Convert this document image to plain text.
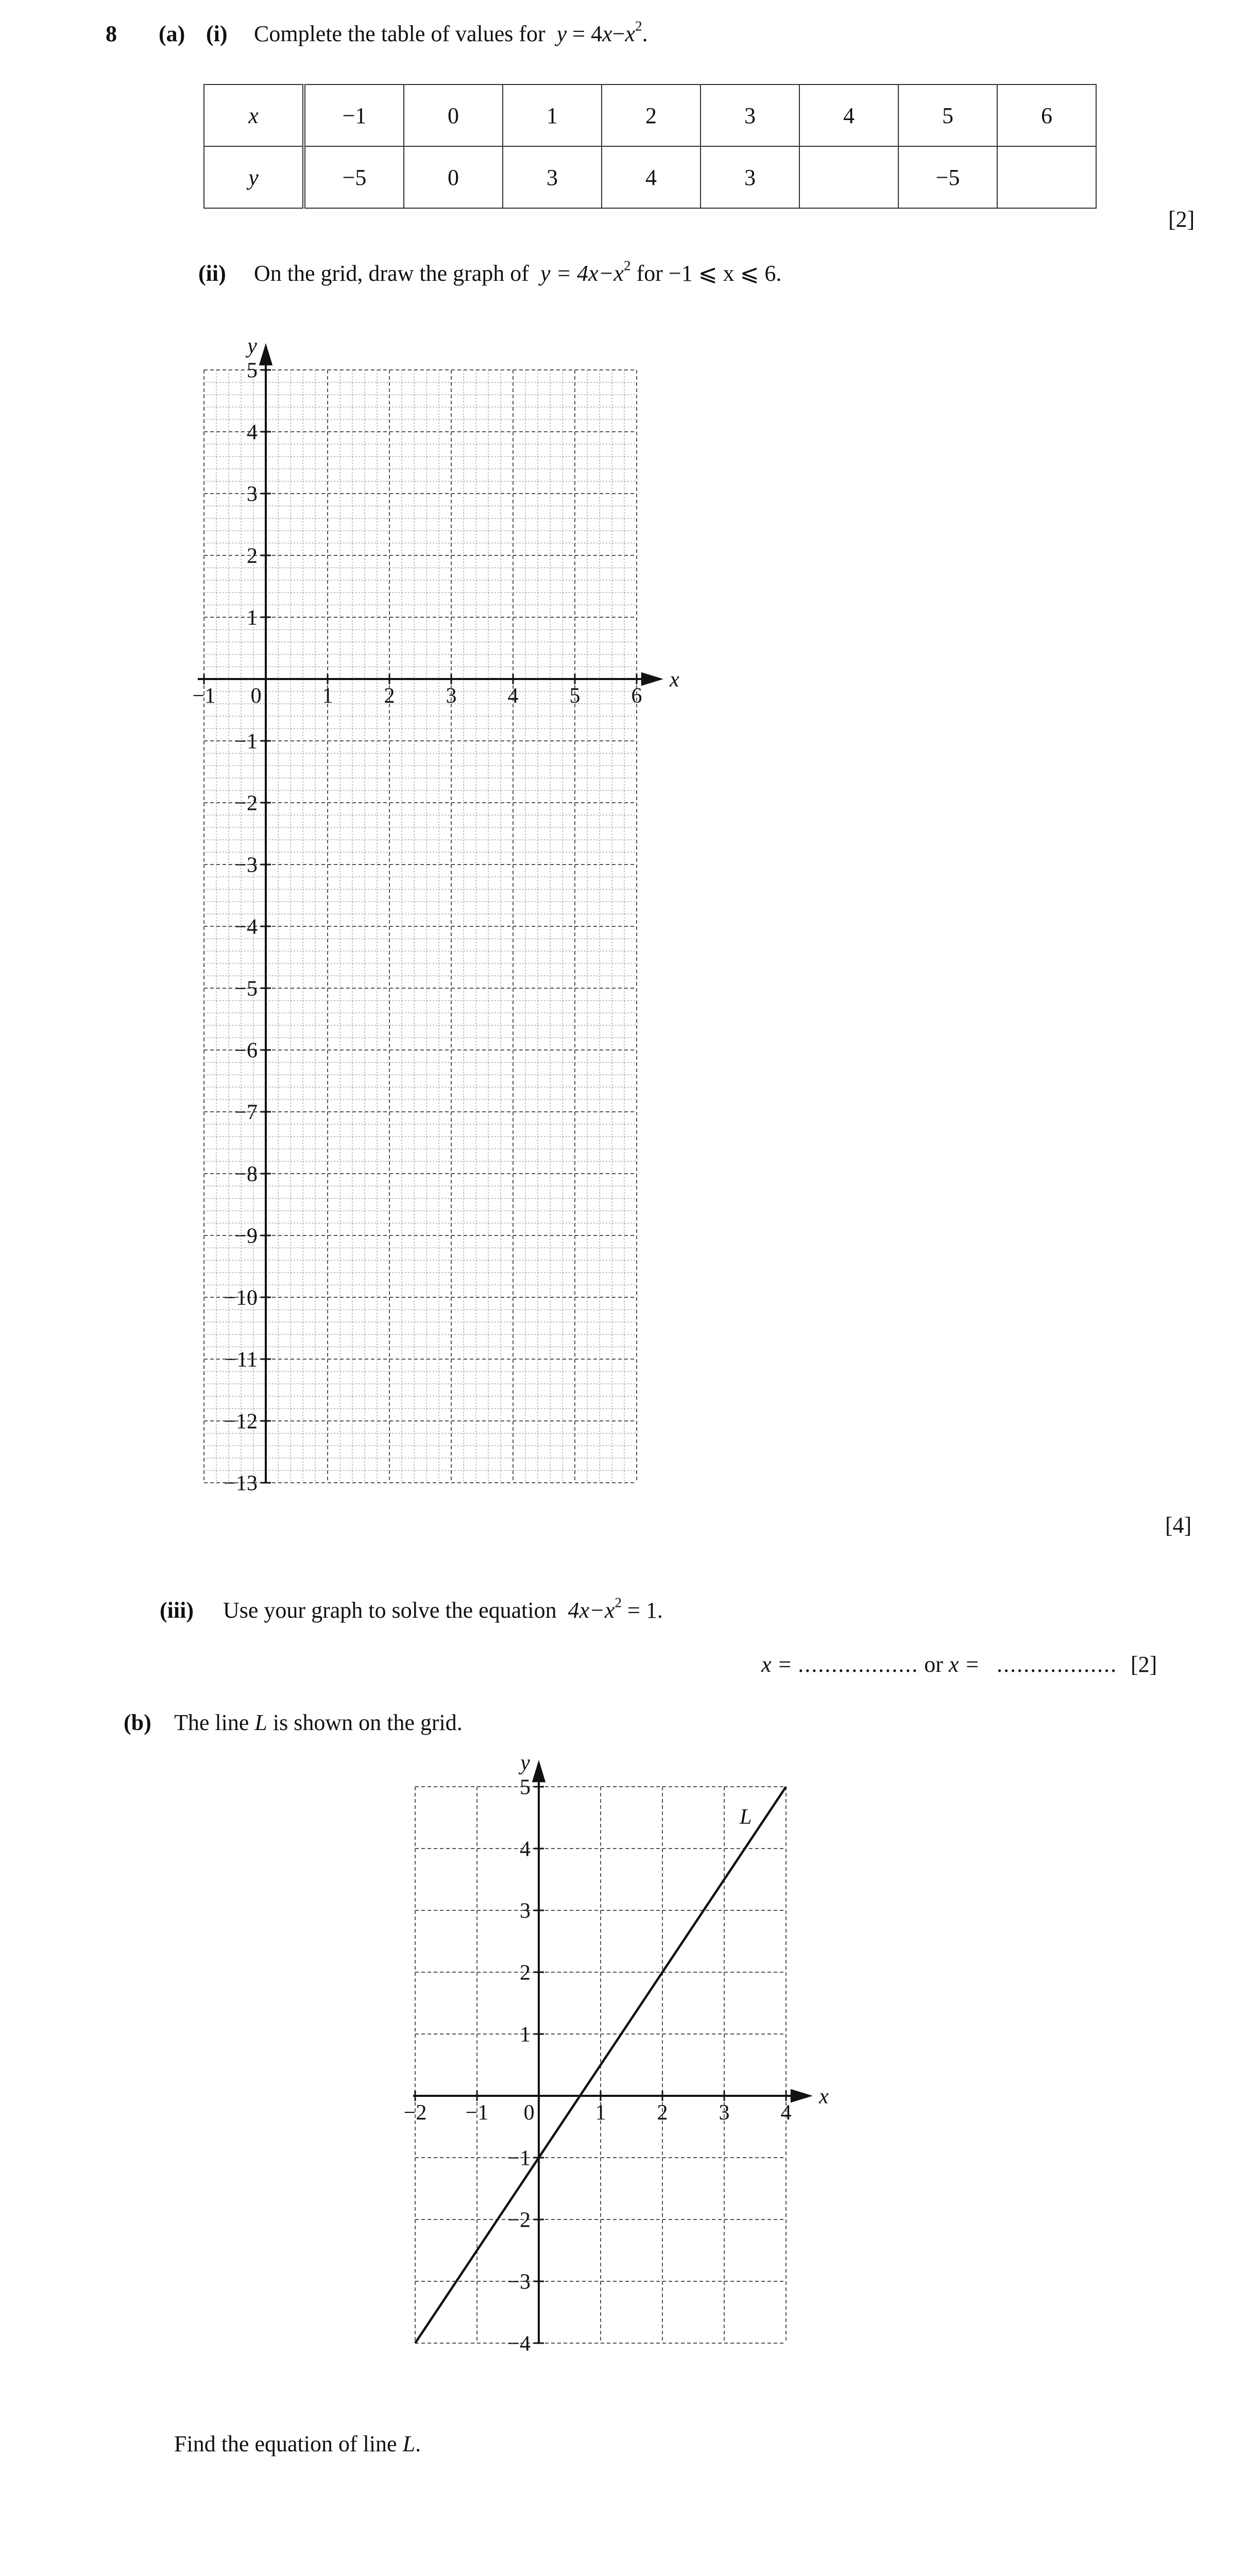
8 (a) (i) Complete the table of values for $y = 4x-x^2$.
x	−1	0	1	2	3	4	5	6
y	−5	0	3	4	3		−5	
[2]
(ii) On the grid, draw the graph of $y = 4x-x^2$ for −1 ⩽ x ⩽ 6.
x
y
−1 0	1 2 3 4 5 6
5
4
3
2
1
−1
−2
−3
−4
−5
−6
−7
−8
−9
−10
−11
−12
−13
[4]
(iii) Use your graph to solve the equation $4x-x^2 = 1$.
x = .................. or x =   .................. [2]
(b) The line L is shown on the grid.
x
y
−2 −1 0	1 2 3 4
5
4
3
2
1
−1
−2
−3
−4
L
Find the equation of line L.
